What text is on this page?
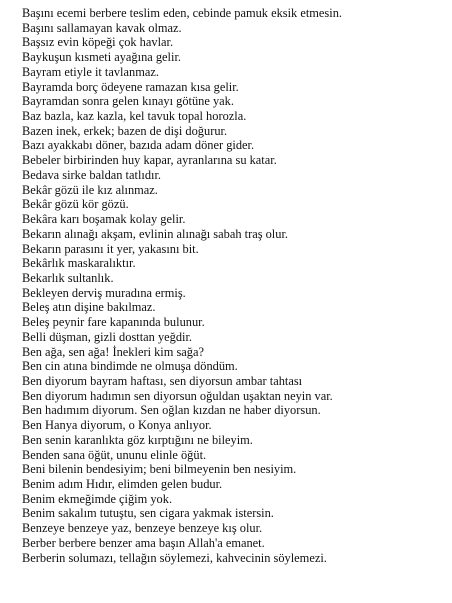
Başını ecemi berbere teslim eden, cebinde pamuk eksik etmesin.
Başını sallamayan kavak olmaz.
Başsız evin köpeği çok havlar.
Baykuşun kısmeti ayağına gelir.
Bayram etiyle it tavlanmaz.
Bayramda borç ödeyene ramazan kısa gelir.
Bayramdan sonra gelen kınayı götüne yak.
Baz bazla, kaz kazla, kel tavuk topal horozla.
Bazen inek, erkek; bazen de dişi doğurur.
Bazı ayakkabı döner, bazıda adam döner gider.
Bebeler birbirinden huy kapar, ayranlarına su katar.
Bedava sirke baldan tatlıdır.
Bekâr gözü ile kız alınmaz.
Bekâr gözü kör gözü.
Bekâra karı boşamak kolay gelir.
Bekarın alınağı akşam, evlinin alınağı sabah traş olur.
Bekarın parasını it yer, yakasını bit.
Bekârlık maskaralıktır.
Bekarlık sultanlık.
Bekleyen derviş muradına ermiş.
Beleş atın dişine bakılmaz.
Beleş peynir fare kapanında bulunur.
Belli düşman, gizli dosttan yeğdir.
Ben ağa, sen ağa! İnekleri kim sağa?
Ben cin atına bindimde ne olmuşa döndüm.
Ben diyorum bayram haftası, sen diyorsun ambar tahtası
Ben diyorum hadımın sen diyorsun oğuldan uşaktan neyin var.
Ben hadımım diyorum. Sen oğlan kızdan ne haber diyorsun.
Ben Hanya diyorum, o Konya anlıyor.
Ben senin karanlıkta göz kırptığını ne bileyim.
Benden sana öğüt, ununu elinle öğüt.
Beni bilenin bendesiyim; beni bilmeyenin ben nesiyim.
Benim adım Hıdır, elimden gelen budur.
Benim ekmeğimde çiğim yok.
Benim sakalım tutuştu, sen cigara yakmak istersin.
Benzeye benzeye yaz, benzeye benzeye kış olur.
Berber berbere benzer ama başın Allah'a emanet.
Berberin solumazı, tellağın söylemezi, kahvecinin söylemezi.
